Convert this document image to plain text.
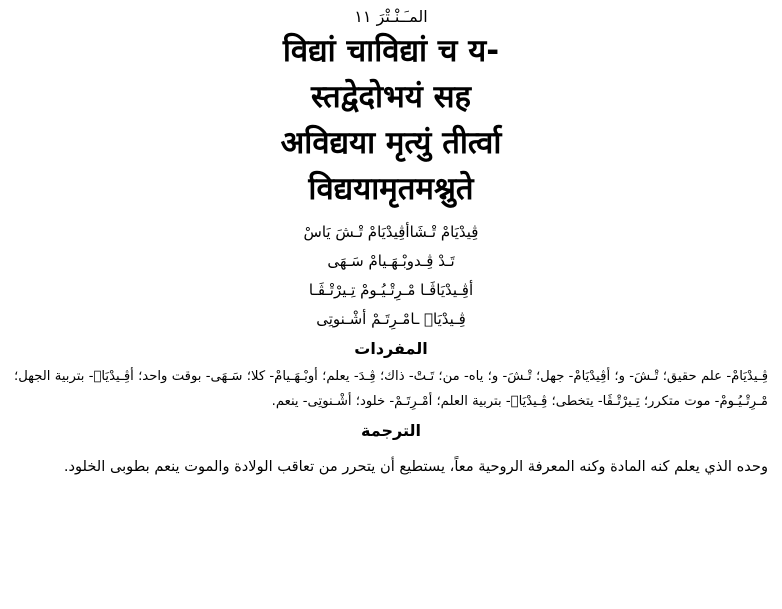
المـَـنْـتْرَ ١١

विद्यां चाविद्यां च य-

स्तद्वेदोभयं सह

अविद्यया मृत्युं तीर्त्वा

विद्ययामृतमश्नुते

ڤِيدْيَامْ تْـشَاأڤِيدْيَامْ تْـشَ يَاسْ

تَـدْ ڤِـدوبْـهَـيامْ سَـهَى

أڤِـيدْيَاڤَـا مْـرِتْـيُـومْ تِـيرْتْـڤَـا

ڤِـيدْيَاۤ ـامْـرِتَـمْ أشْـنوتِى

المفردات

ڤِـيدْيَامْ- علم حقيق؛ تْـشَ- و؛ أڤِيدْيَامْ- جهل؛ تْـشَ- و؛ ياه- من؛ تَـتْ- ذاك؛ ڤِـدَ- يعلم؛ أوبْـهَـيامْ- كلا؛ سَـهَى- بوقت واحد؛ أڤِـيدْيَاۤ- بتربية الجهل؛ مْـرِتْـيُـومْ- موت متكرر؛ تِـيرْتْـڤَا- يتخطى؛ ڤِـيدْيَاۤ- بتربية العلم؛ أمْـرِتَـمْ- خلود؛ أشْـنوتِى- ينعم.

الترجمة

وحده الذي يعلم كنه المادة وكنه المعرفة الروحية معاً، يستطيع أن يتحرر من تعاقب الولادة والموت ينعم بطوبى الخلود.
